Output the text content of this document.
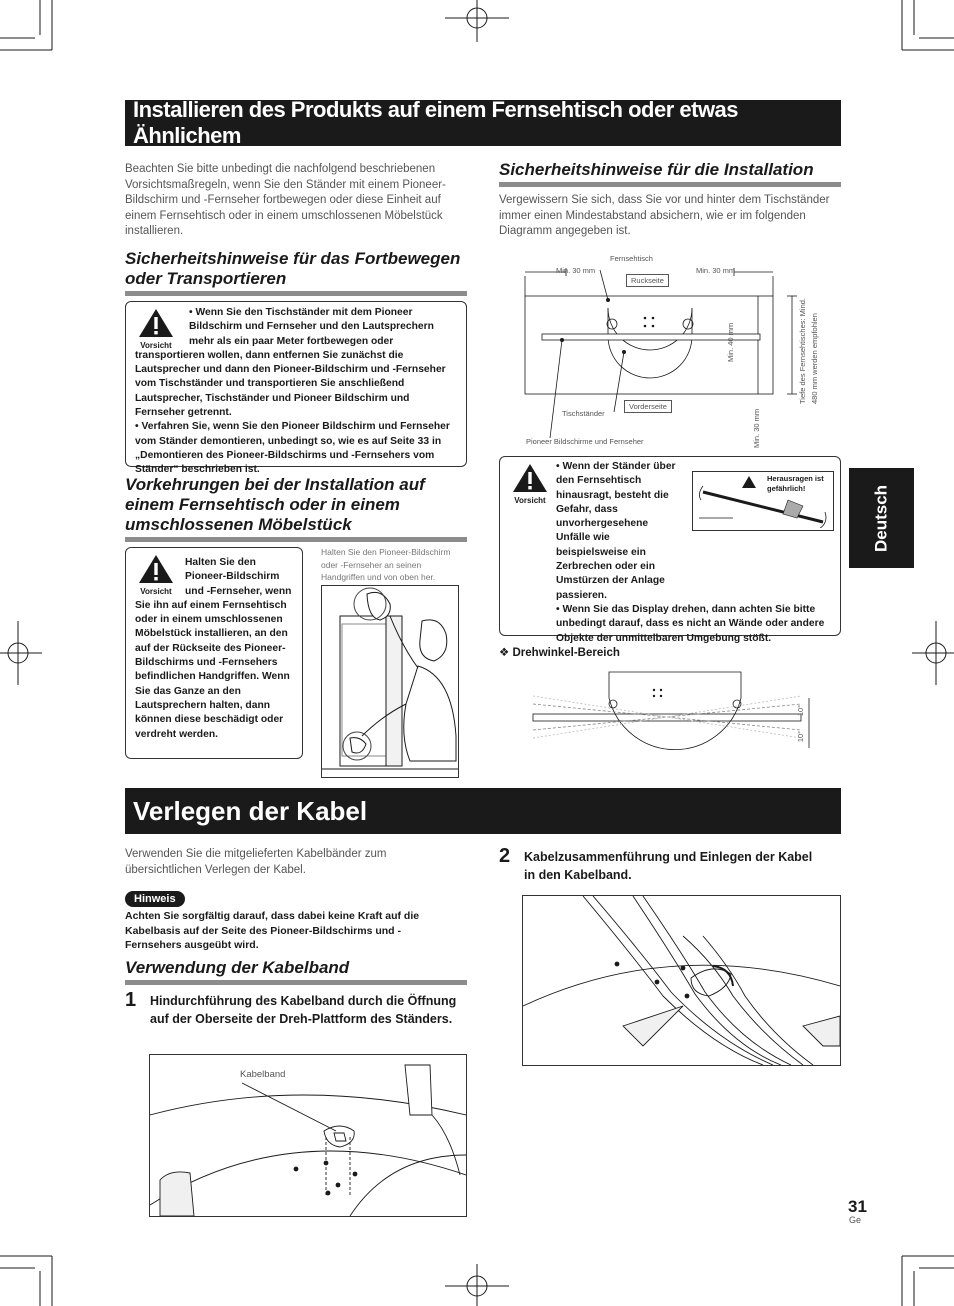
Installieren des Produkts auf einem Fernsehtisch oder etwas Ähnlichem
Beachten Sie bitte unbedingt die nachfolgend beschriebenen Vorsichtsmaßregeln, wenn Sie den Ständer mit einem Pioneer-Bildschirm und -Fernseher fortbewegen oder diese Einheit auf einem Fernsehtisch oder in einem umschlossenen Möbelstück installieren.
Sicherheitshinweise für das Fortbewegen oder Transportieren
Vorsicht

• Wenn Sie den Tischständer mit dem Pioneer Bildschirm und Fernseher und den Lautsprechern mehr als ein paar Meter fortbewegen oder transportieren wollen, dann entfernen Sie zunächst die Lautsprecher und dann den Pioneer-Bildschirm und -Fernseher vom Tischständer und transportieren Sie anschließend Lautsprecher, Tischständer und Pioneer Bildschirm und Fernseher getrennt.

• Verfahren Sie, wenn Sie den Pioneer Bildschirm und Fernseher vom Ständer demontieren, unbedingt so, wie es auf Seite 33 in „Demontieren des Pioneer-Bildschirms und -Fernsehers vom Ständer“ beschrieben ist.

Vorkehrungen bei der Installation auf einem Fernsehtisch oder in einem umschlossenen Möbelstück
Vorsicht

Halten Sie den Pioneer-Bildschirm und -Fernseher, wenn Sie ihn auf einem Fernsehtisch oder in einem umschlossenen Möbelstück installieren, an den auf der Rückseite des Pioneer-Bildschirms und -Fernsehers befindlichen Handgriffen. Wenn Sie das Ganze an den Lautsprechern halten, dann können diese beschädigt oder verdreht werden.

Halten Sie den Pioneer-Bildschirm oder -Fernseher an seinen Handgriffen und von oben her.
Sicherheitshinweise für die Installation
Vergewissern Sie sich, dass Sie vor und hinter dem Tischständer immer einen Mindestabstand absichern, wie er im folgenden Diagramm angegeben ist.
Fernsehtisch
Min. 30 mm	Min. 30 mm
Ruckseite
Vorderseite
Min. 40 mm
Min. 30 mm
Tiefe des Fernsehtisches: Mind. 480 mm werden empfohlen
Tischständer
Pioneer Bildschirme und Fernseher
Vorsicht
Herausragen ist gefährlich!

• Wenn der Ständer über den Fernsehtisch hinausragt, besteht die Gefahr, dass unvorhergesehene Unfälle wie beispielsweise ein Zerbrechen oder ein Umstürzen der Anlage passieren.

• Wenn Sie das Display drehen, dann achten Sie bitte unbedingt darauf, dass es nicht an Wände oder andere Objekte der unmittelbaren Umgebung stößt.

❖ Drehwinkel-Bereich
10°
10°
Deutsch
Verlegen der Kabel
Verwenden Sie die mitgelieferten Kabelbänder zum übersichtlichen Verlegen der Kabel.
Hinweis
Achten Sie sorgfältig darauf, dass dabei keine Kraft auf die Kabelbasis auf der Seite des Pioneer-Bildschirms und -Fernsehers ausgeübt wird.
Verwendung der Kabelband
1 Hindurchführung des Kabelband durch die Öffnung auf der Oberseite der Dreh-Plattform des Ständers.
Kabelband
2 Kabelzusammenführung und Einlegen der Kabel in den Kabelband.
31
Ge
